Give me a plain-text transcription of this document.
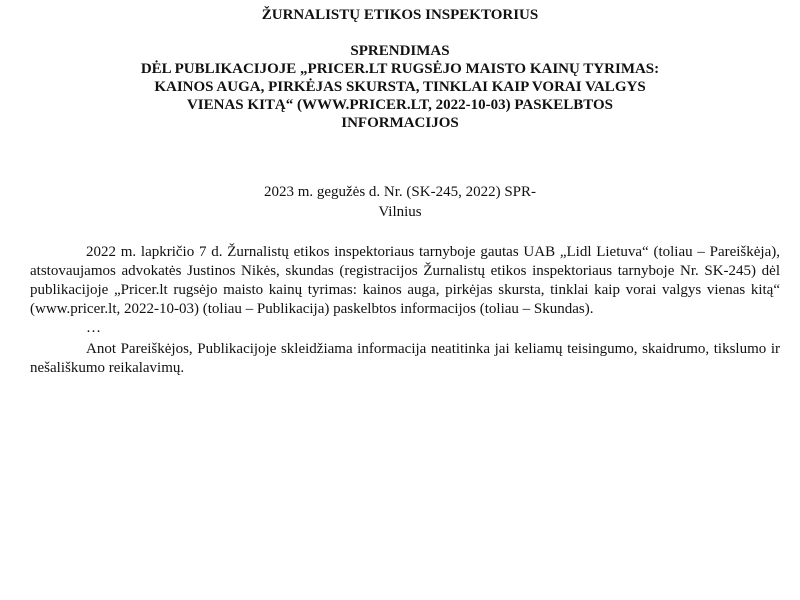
ŽURNALISTŲ ETIKOS INSPEKTORIUS
SPRENDIMAS
DĖL PUBLIKACIJOJE „PRICER.LT RUGSĖJO MAISTO KAINŲ TYRIMAS: KAINOS AUGA, PIRKĖJAS SKURSTA, TINKLAI KAIP VORAI VALGYS VIENAS KITĄ“ (WWW.PRICER.LT, 2022-10-03) PASKELBTOS INFORMACIJOS
2023 m. gegužės d. Nr. (SK-245, 2022) SPR-
Vilnius

2022 m. lapkričio 7 d. Žurnalistų etikos inspektoriaus tarnyboje gautas UAB „Lidl Lietuva“ (toliau – Pareiškėja), atstovaujamos advokatės Justinos Nikės, skundas (registracijos Žurnalistų etikos inspektoriaus tarnyboje Nr. SK-245) dėl publikacijoje „Pricer.lt rugsėjo maisto kainų tyrimas: kainos auga, pirkėjas skursta, tinklai kaip vorai valgys vienas kitą“ (www.pricer.lt, 2022-10-03) (toliau – Publikacija) paskelbtos informacijos (toliau – Skundas).

…

Anot Pareiškėjos, Publikacijoje skleidžiama informacija neatitinka jai keliamų teisingumo, skaidrumo, tikslumo ir nešališkumo reikalavimų.
